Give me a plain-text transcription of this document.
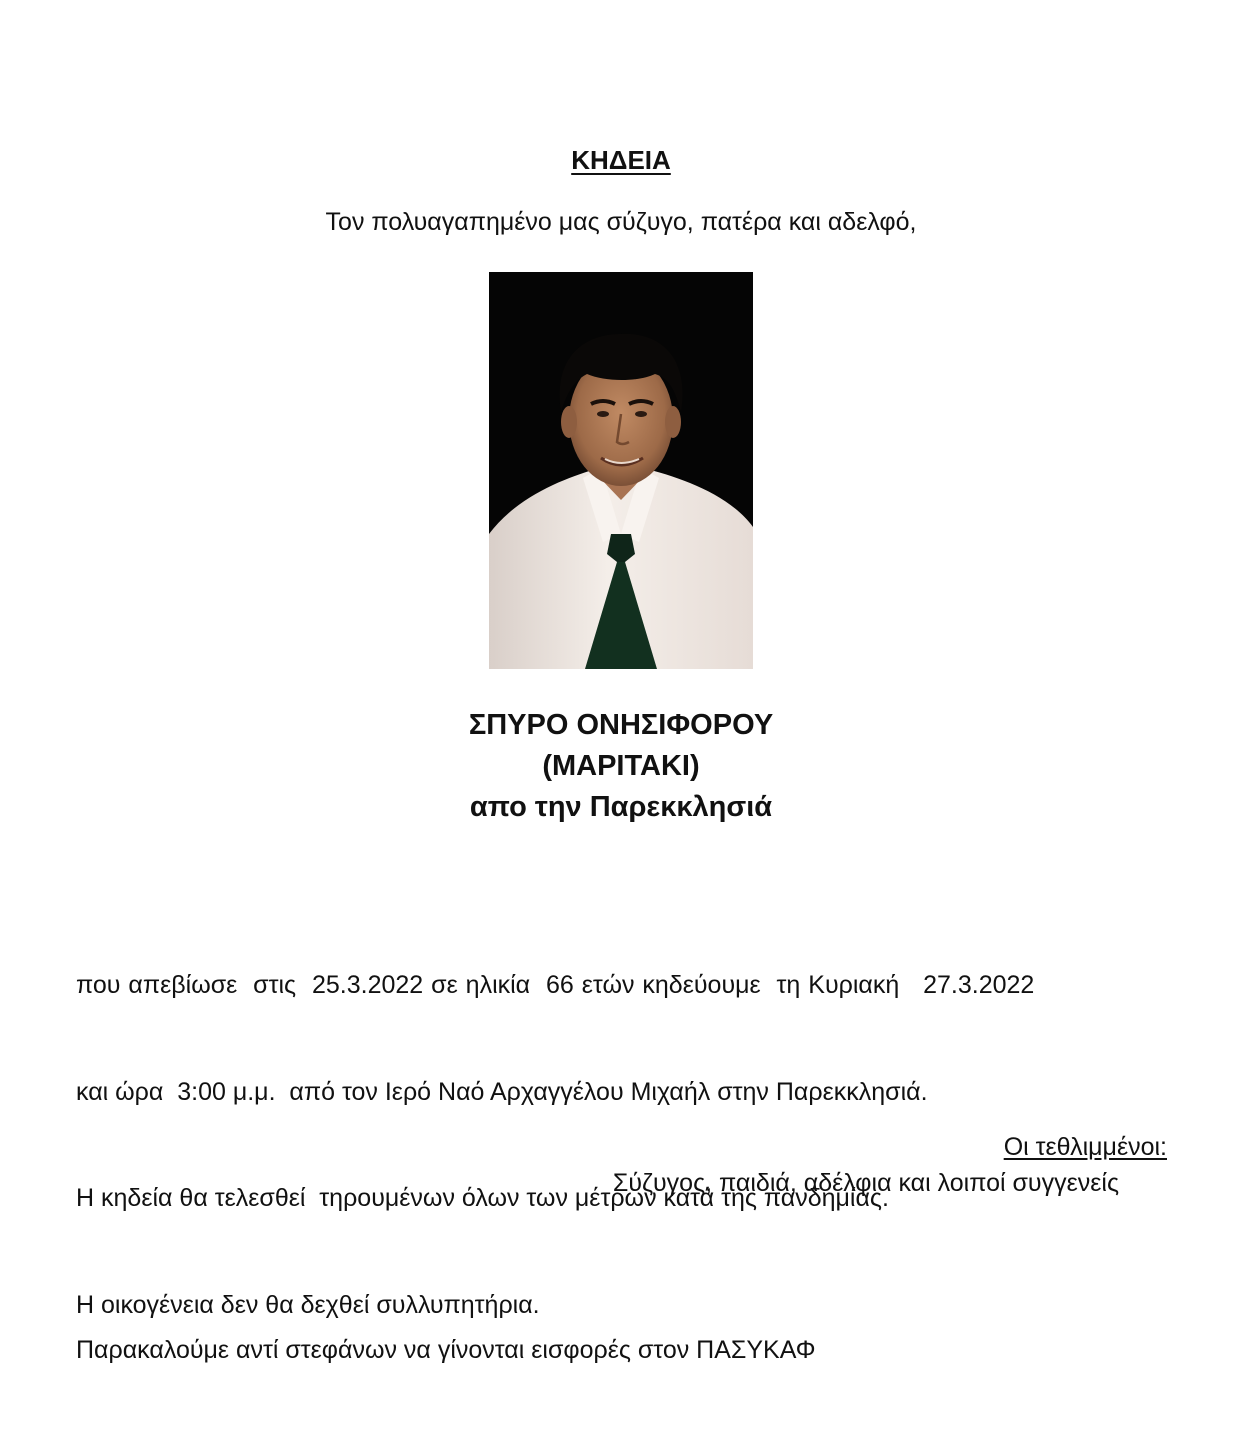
ΚΗΔΕΙΑ
Τον πολυαγαπημένο μας σύζυγο, πατέρα και αδελφό,
ΣΠΥΡΟ ΟΝΗΣΙΦΟΡΟΥ
(ΜΑΡΙΤΑΚΙ)
απο την Παρεκκλησιά

που απεβίωσε  στις  25.3.2022 σε ηλικία  66 ετών κηδεύουμε  τη Κυριακή   27.3.2022

και ώρα  3:00 μ.μ.  από τον Ιερό Ναό Αρχαγγέλου Μιχαήλ στην Παρεκκλησιά.

Η κηδεία θα τελεσθεί  τηρουμένων όλων των μέτρων κατά της πανδημίας.

Η οικογένεια δεν θα δεχθεί συλλυπητήρια.

Οι τεθλιμμένοι:
Σύζυγος, παιδιά, αδέλφια και λοιποί συγγενείς
Παρακαλούμε αντί στεφάνων να γίνονται εισφορές στον ΠΑΣΥΚΑΦ
